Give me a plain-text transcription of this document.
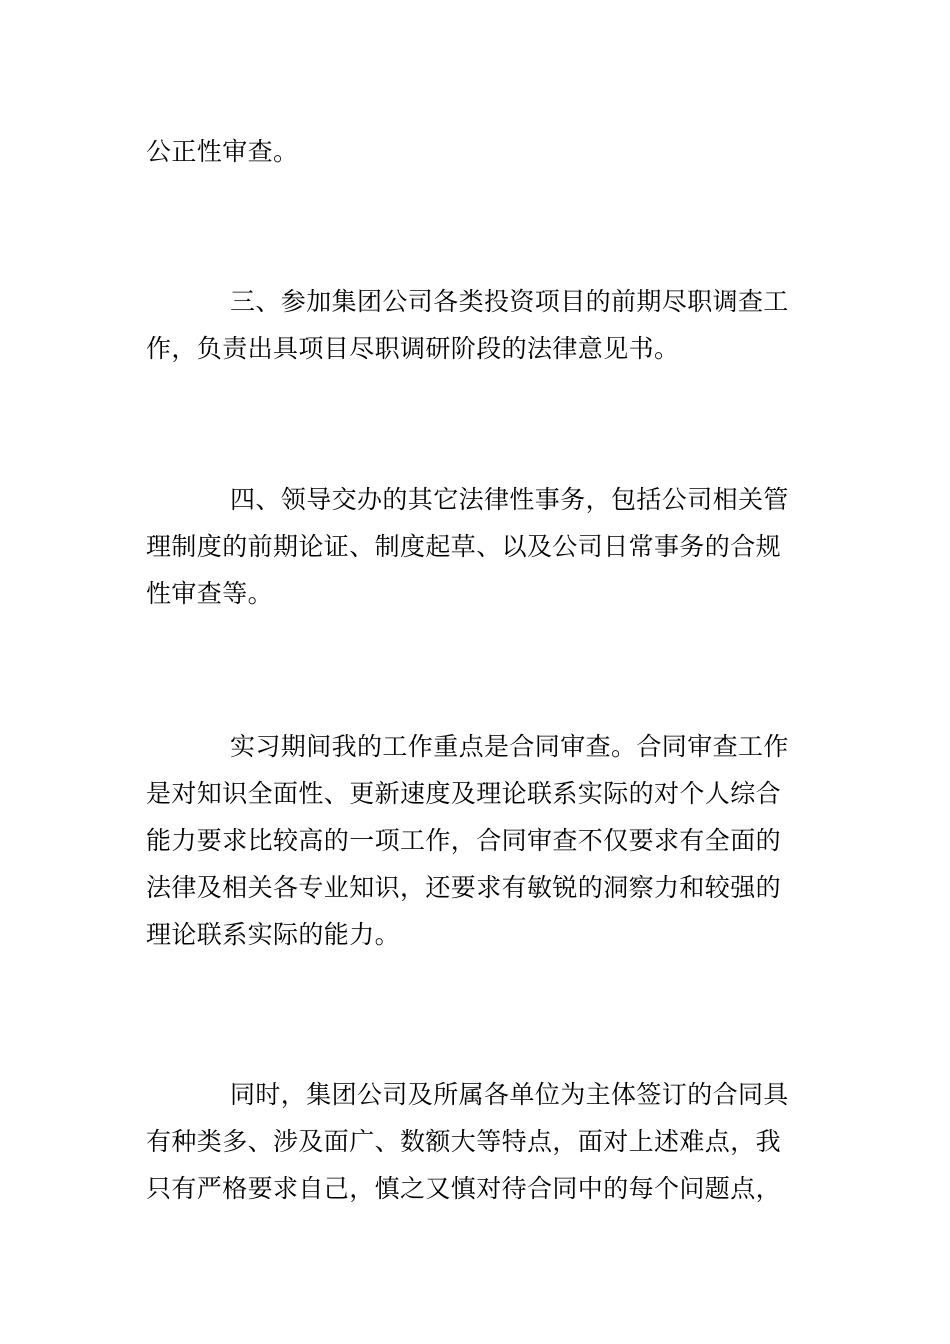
公正性审查。

三、参加集团公司各类投资项目的前期尽职调查工
作，负责出具项目尽职调研阶段的法律意见书。

四、领导交办的其它法律性事务，包括公司相关管
理制度的前期论证、制度起草、以及公司日常事务的合规
性审查等。

实习期间我的工作重点是合同审查。合同审查工作
是对知识全面性、更新速度及理论联系实际的对个人综合
能力要求比较高的一项工作，合同审查不仅要求有全面的
法律及相关各专业知识，还要求有敏锐的洞察力和较强的
理论联系实际的能力。

同时，集团公司及所属各单位为主体签订的合同具
有种类多、涉及面广、数额大等特点，面对上述难点，我
只有严格要求自己，慎之又慎对待合同中的每个问题点，
